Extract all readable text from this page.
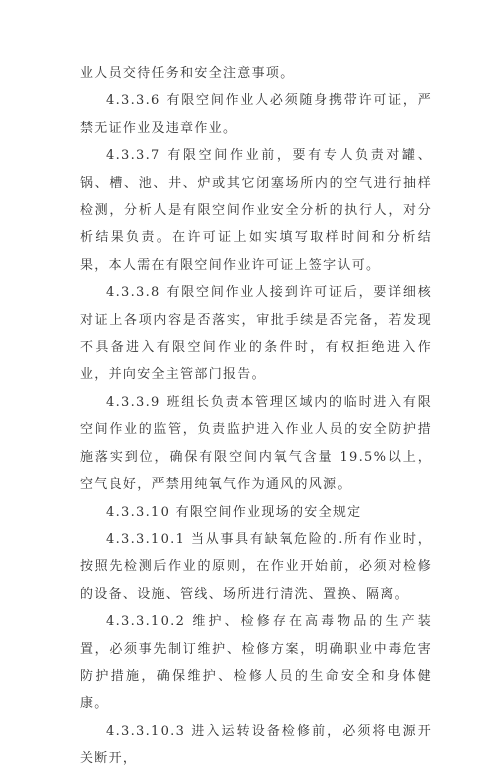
业人员交待任务和安全注意事项。

4.3.3.6 有限空间作业人必须随身携带许可证，严禁无证作业及违章作业。

4.3.3.7 有限空间作业前，要有专人负责对罐、锅、槽、池、井、炉或其它闭塞场所内的空气进行抽样检测，分析人是有限空间作业安全分析的执行人，对分析结果负责。在许可证上如实填写取样时间和分析结果，本人需在有限空间作业许可证上签字认可。

4.3.3.8 有限空间作业人接到许可证后，要详细核对证上各项内容是否落实，审批手续是否完备，若发现不具备进入有限空间作业的条件时，有权拒绝进入作业，并向安全主管部门报告。

4.3.3.9 班组长负责本管理区域内的临时进入有限空间作业的监管，负责监护进入作业人员的安全防护措施落实到位，确保有限空间内氧气含量 19.5%以上，空气良好，严禁用纯氧气作为通风的风源。

4.3.3.10 有限空间作业现场的安全规定

4.3.3.10.1 当从事具有缺氧危险的.所有作业时，按照先检测后作业的原则，在作业开始前，必须对检修的设备、设施、管线、场所进行清洗、置换、隔离。

4.3.3.10.2 维护、检修存在高毒物品的生产装置，必须事先制订维护、检修方案，明确职业中毒危害防护措施，确保维护、检修人员的生命安全和身体健康。

4.3.3.10.3 进入运转设备检修前，必须将电源开关断开，
